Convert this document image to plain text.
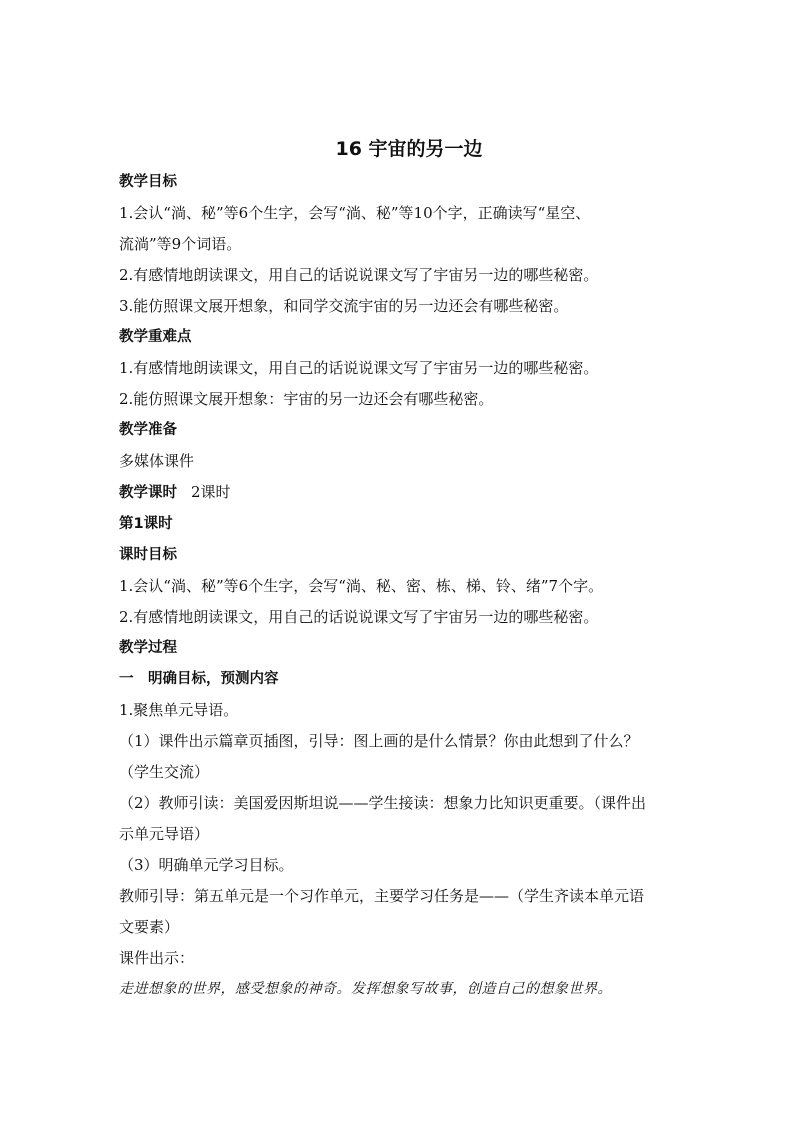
16 宇宙的另一边

教学目标

1.会认“淌、秘”等6个生字，会写“淌、秘”等10个字，正确读写“星空、

流淌”等9个词语。

2.有感情地朗读课文，用自己的话说说课文写了宇宙另一边的哪些秘密。

3.能仿照课文展开想象，和同学交流宇宙的另一边还会有哪些秘密。

教学重难点

1.有感情地朗读课文，用自己的话说说课文写了宇宙另一边的哪些秘密。

2.能仿照课文展开想象：宇宙的另一边还会有哪些秘密。

教学准备

多媒体课件

教学课时 2课时

第1课时

课时目标

1.会认“淌、秘”等6个生字，会写“淌、秘、密、栋、梯、铃、绪”7个字。

2.有感情地朗读课文，用自己的话说说课文写了宇宙另一边的哪些秘密。

教学过程

一　明确目标，预测内容

1.聚焦单元导语。

（1）课件出示篇章页插图，引导：图上画的是什么情景？你由此想到了什么？

（学生交流）

（2）教师引读：美国爱因斯坦说——学生接读：想象力比知识更重要。（课件出

示单元导语）

（3）明确单元学习目标。

教师引导：第五单元是一个习作单元，主要学习任务是——（学生齐读本单元语

文要素）

课件出示：

走进想象的世界，感受想象的神奇。发挥想象写故事，创造自己的想象世界。
